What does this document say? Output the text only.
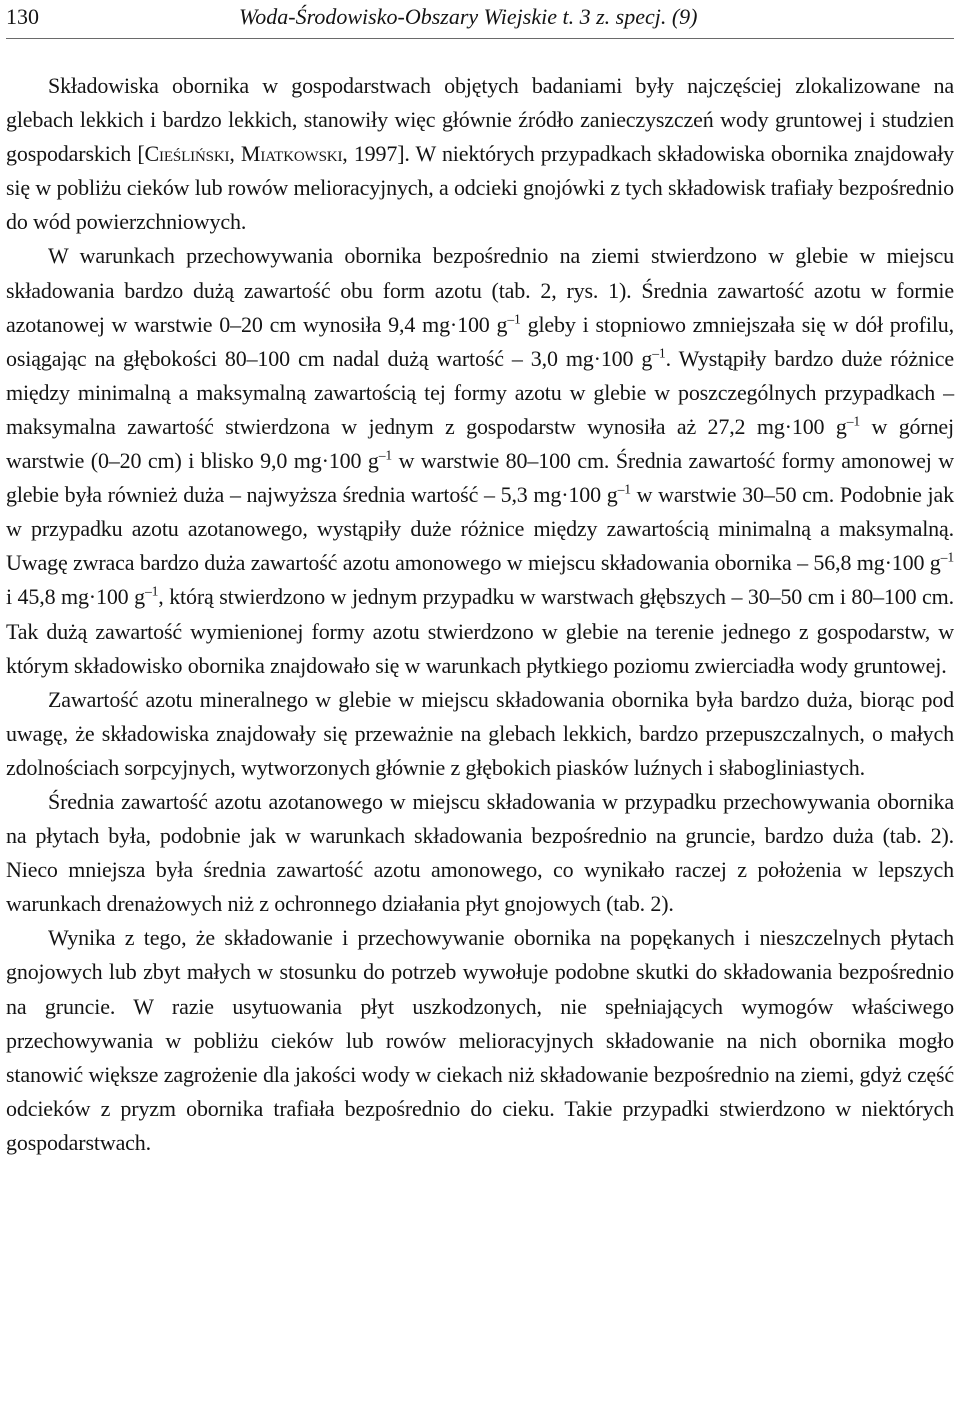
130	Woda-Środowisko-Obszary Wiejskie t. 3 z. specj. (9)

Składowiska obornika w gospodarstwach objętych badaniami były najczęściej zlokalizowane na glebach lekkich i bardzo lekkich, stanowiły więc głównie źródło zanieczyszczeń wody gruntowej i studzien gospodarskich [Cieśliński, Miatkowski, 1997]. W niektórych przypadkach składowiska obornika znajdowały się w pobliżu cieków lub rowów melioracyjnych, a odcieki gnojówki z tych składowisk trafiały bezpośrednio do wód powierzchniowych.

W warunkach przechowywania obornika bezpośrednio na ziemi stwierdzono w glebie w miejscu składowania bardzo dużą zawartość obu form azotu (tab. 2, rys. 1). Średnia zawartość azotu w formie azotanowej w warstwie 0–20 cm wynosiła 9,4 mg·100 $g^{-1}$ gleby i stopniowo zmniejszała się w dół profilu, osiągając na głębokości 80–100 cm nadal dużą wartość – 3,0 mg·100 $g^{-1}$. Wystąpiły bardzo duże różnice między minimalną a maksymalną zawartością tej formy azotu w glebie w poszczególnych przypadkach – maksymalna zawartość stwierdzona w jednym z gospodarstw wynosiła aż 27,2 mg·100 $g^{-1}$ w górnej warstwie (0–20 cm) i blisko 9,0 mg·100 $g^{-1}$ w warstwie 80–100 cm. Średnia zawartość formy amonowej w glebie była również duża – najwyższa średnia wartość – 5,3 mg·100 $g^{-1}$ w warstwie 30–50 cm. Podobnie jak w przypadku azotu azotanowego, wystąpiły duże różnice między zawartością minimalną a maksymalną. Uwagę zwraca bardzo duża zawartość azotu amonowego w miejscu składowania obornika – 56,8 mg·100 $g^{-1}$ i 45,8 mg·100 $g^{-1}$, którą stwierdzono w jednym przypadku w warstwach głębszych – 30–50 cm i 80–100 cm. Tak dużą zawartość wymienionej formy azotu stwierdzono w glebie na terenie jednego z gospodarstw, w którym składowisko obornika znajdowało się w warunkach płytkiego poziomu zwierciadła wody gruntowej.

Zawartość azotu mineralnego w glebie w miejscu składowania obornika była bardzo duża, biorąc pod uwagę, że składowiska znajdowały się przeważnie na glebach lekkich, bardzo przepuszczalnych, o małych zdolnościach sorpcyjnych, wytworzonych głównie z głębokich piasków luźnych i słabogliniastych.

Średnia zawartość azotu azotanowego w miejscu składowania w przypadku przechowywania obornika na płytach była, podobnie jak w warunkach składowania bezpośrednio na gruncie, bardzo duża (tab. 2). Nieco mniejsza była średnia zawartość azotu amonowego, co wynikało raczej z położenia w lepszych warunkach drenażowych niż z ochronnego działania płyt gnojowych (tab. 2).

Wynika z tego, że składowanie i przechowywanie obornika na popękanych i nieszczelnych płytach gnojowych lub zbyt małych w stosunku do potrzeb wywołuje podobne skutki do składowania bezpośrednio na gruncie. W razie usytuowania płyt uszkodzonych, nie spełniających wymogów właściwego przechowywania w pobliżu cieków lub rowów melioracyjnych składowanie na nich obornika mogło stanowić większe zagrożenie dla jakości wody w ciekach niż składowanie bezpośrednio na ziemi, gdyż część odcieków z pryzm obornika trafiała bezpośrednio do cieku. Takie przypadki stwierdzono w niektórych gospodarstwach.
